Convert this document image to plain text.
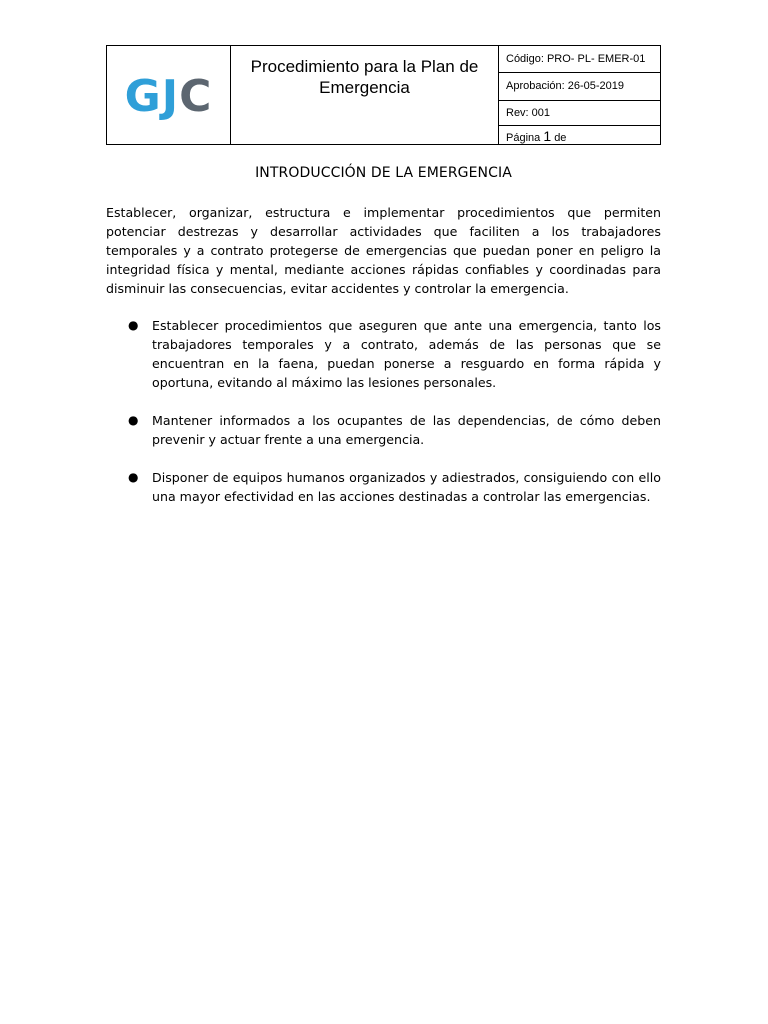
GJC	
Procedimiento para la Plan de Emergencia
	Código: PRO- PL- EMER-01
Aprobación: 26-05-2019
Rev: 001
Página 1 de
INTRODUCCIÓN DE LA EMERGENCIA

Establecer, organizar, estructura e implementar procedimientos que permiten potenciar destrezas y desarrollar actividades que faciliten a los trabajadores temporales y a contrato protegerse de emergencias que puedan poner en peligro la integridad física y mental, mediante acciones rápidas confiables y coordinadas para disminuir las consecuencias, evitar accidentes y controlar la emergencia.

● Establecer procedimientos que aseguren que ante una emergencia, tanto los trabajadores temporales y a contrato, además de las personas que se encuentran en la faena, puedan ponerse a resguardo en forma rápida y oportuna, evitando al máximo las lesiones personales.
● Mantener informados a los ocupantes de las dependencias, de cómo deben prevenir y actuar frente a una emergencia.
● Disponer de equipos humanos organizados y adiestrados, consiguiendo con ello una mayor efectividad en las acciones destinadas a controlar las emergencias.
